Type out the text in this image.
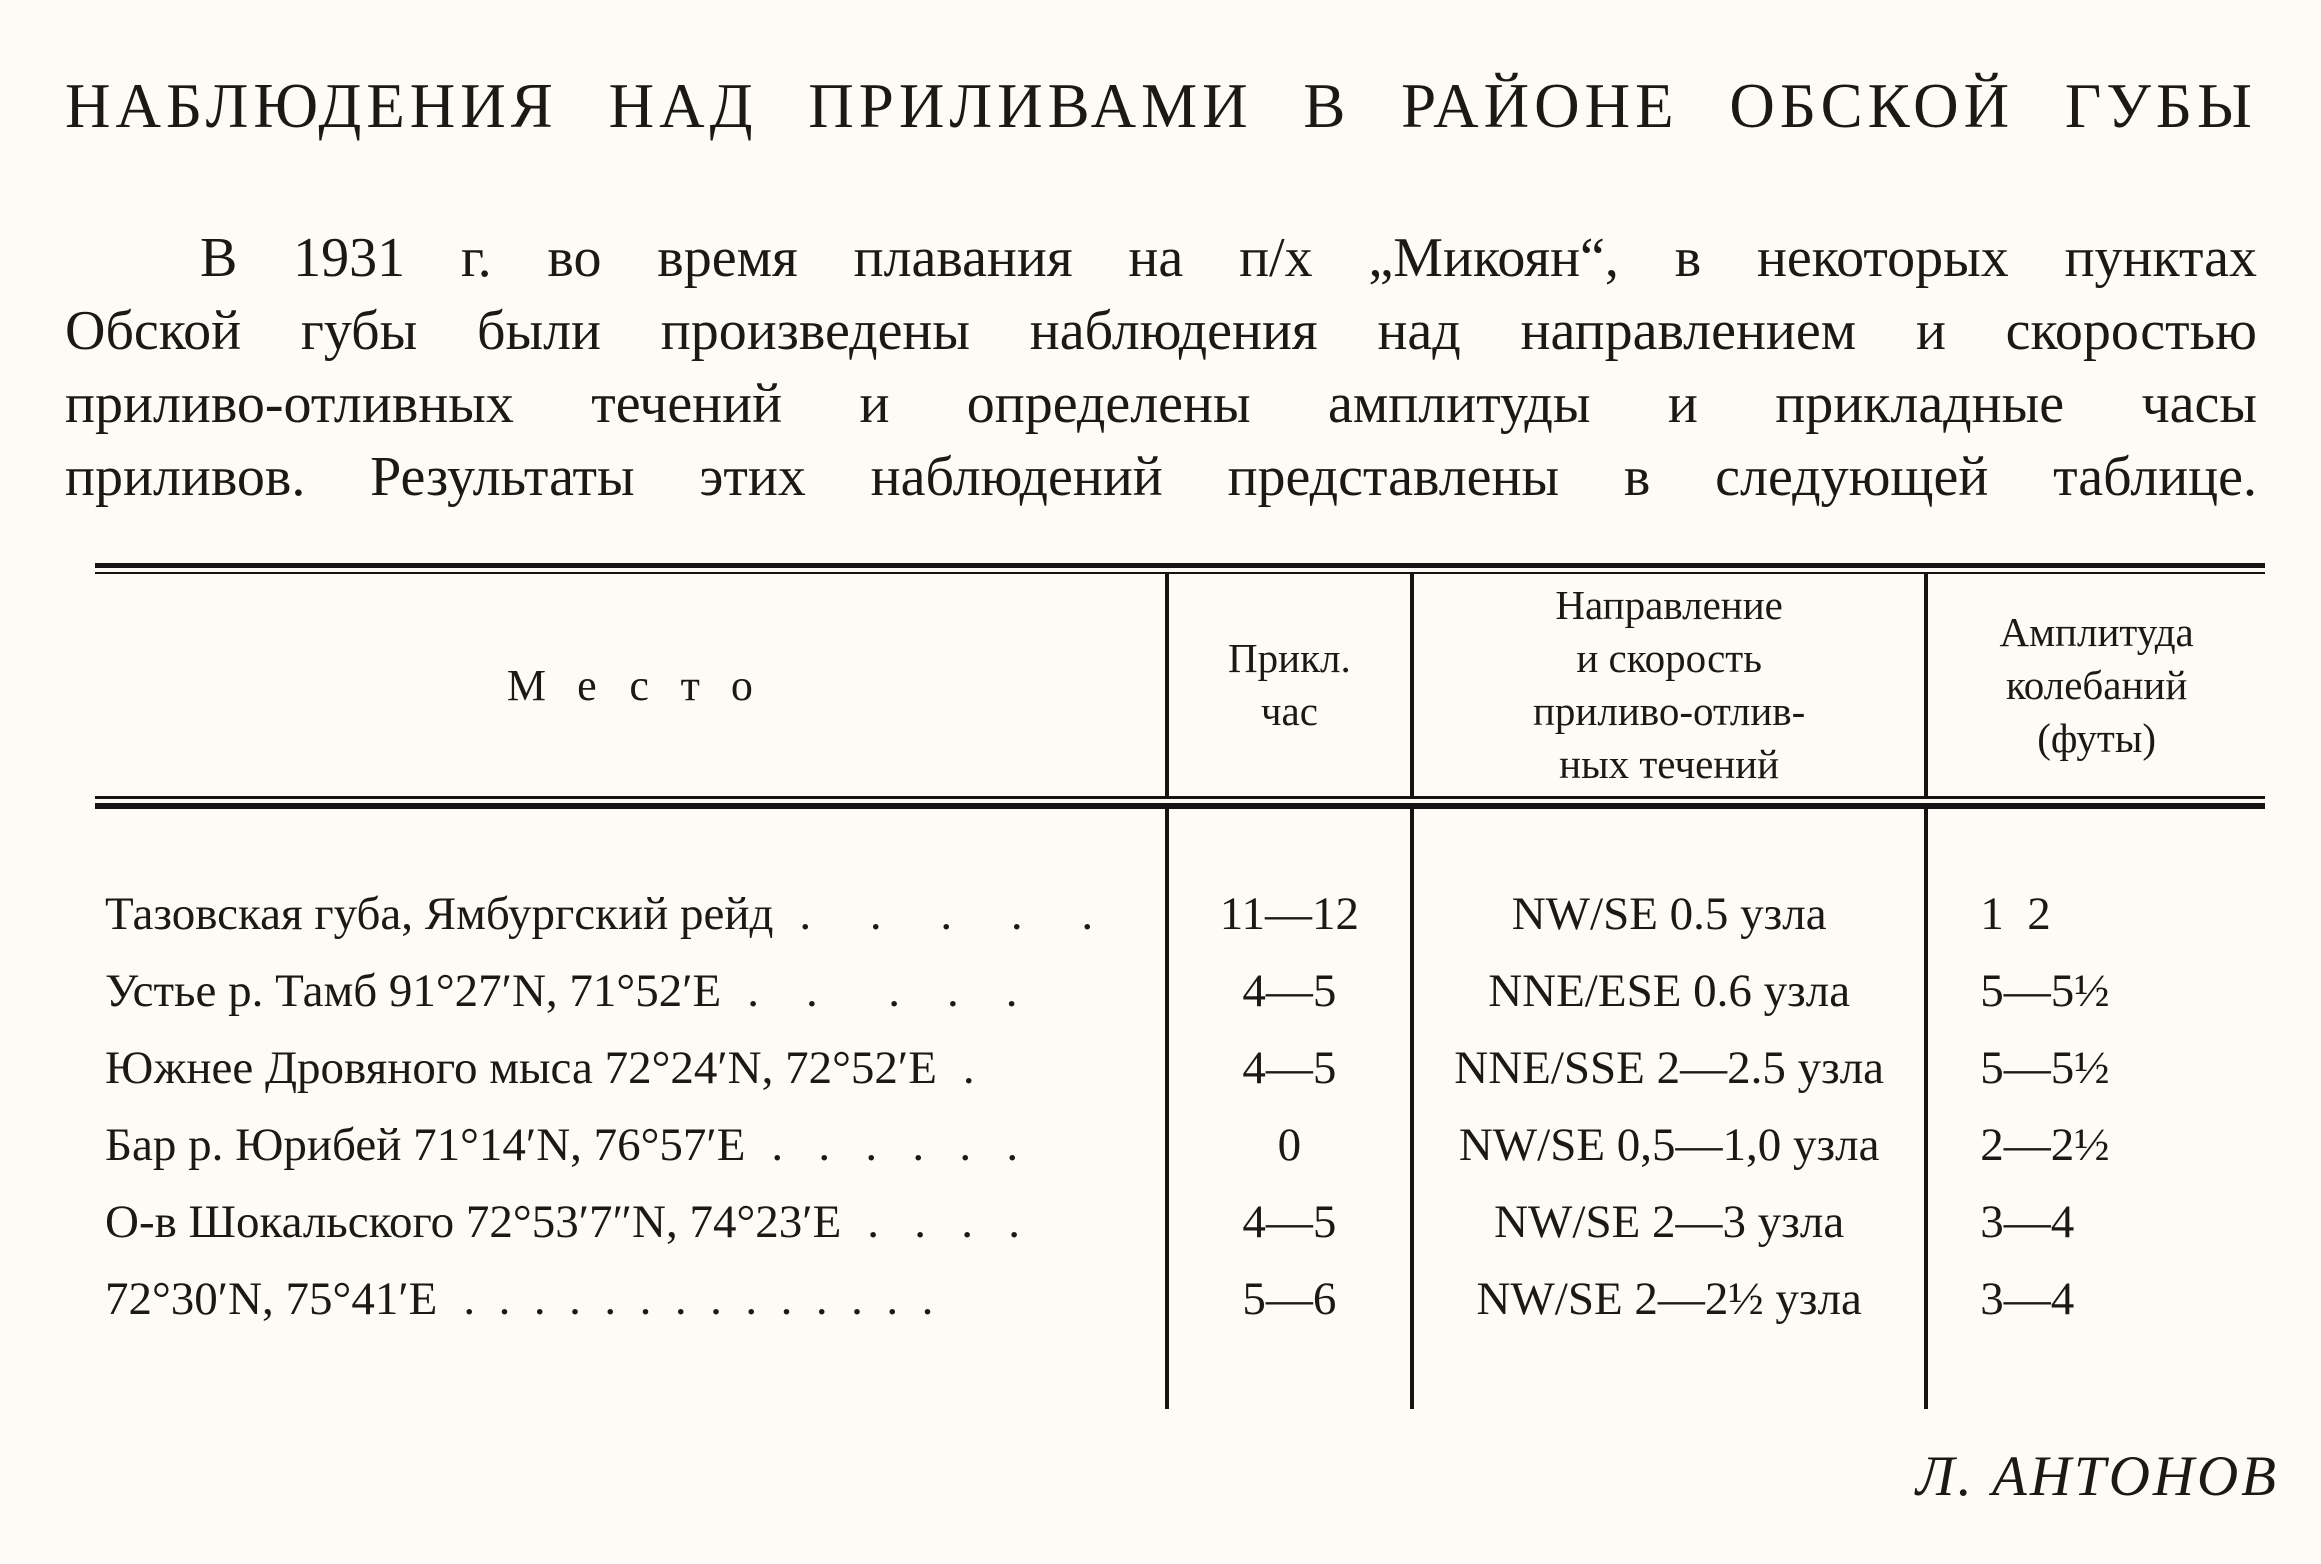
НАБЛЮДЕНИЯ НАД ПРИЛИВАМИ В РАЙОНЕ ОБСКОЙ ГУБЫ
В 1931 г. во время плавания на п/х „Микоян“, в некоторых пунктах
Обской губы были произведены наблюдения над направлением и скоростью
приливо-отливных течений и определены амплитуды и прикладные часы
приливов. Результаты этих наблюдений представлены в следующей таблице.
Место
Прикл.
час
Направление
и скорость
приливо-отлив-
ных течений
Амплитуда
колебаний
(футы)
Тазовская губа, Ямбургский рейд .     .     .     .     .
Устье р. Тамб 91°27′N, 71°52′E .    .      .    .    .
Южнее Дровяного мыса 72°24′N, 72°52′E .
Бар р. Юрибей 71°14′N, 76°57′E .   .   .   .   .   .
О-в Шокальского 72°53′7″N, 74°23′E .   .   .   .
72°30′N, 75°41′E .  .  .  .  .  .  .  .  .  .  .  .  .  .
11—12
4—5
4—5
0
4—5
5—6
NW/SE 0.5 узла
NNE/ESE 0.6 узла
NNE/SSE 2—2.5 узла
NW/SE 0,5—1,0 узла
NW/SE 2—3 узла
NW/SE 2—2½ узла
1  2
5—5½
5—5½
2—2½
3—4
3—4
Л. АНТОНОВ
